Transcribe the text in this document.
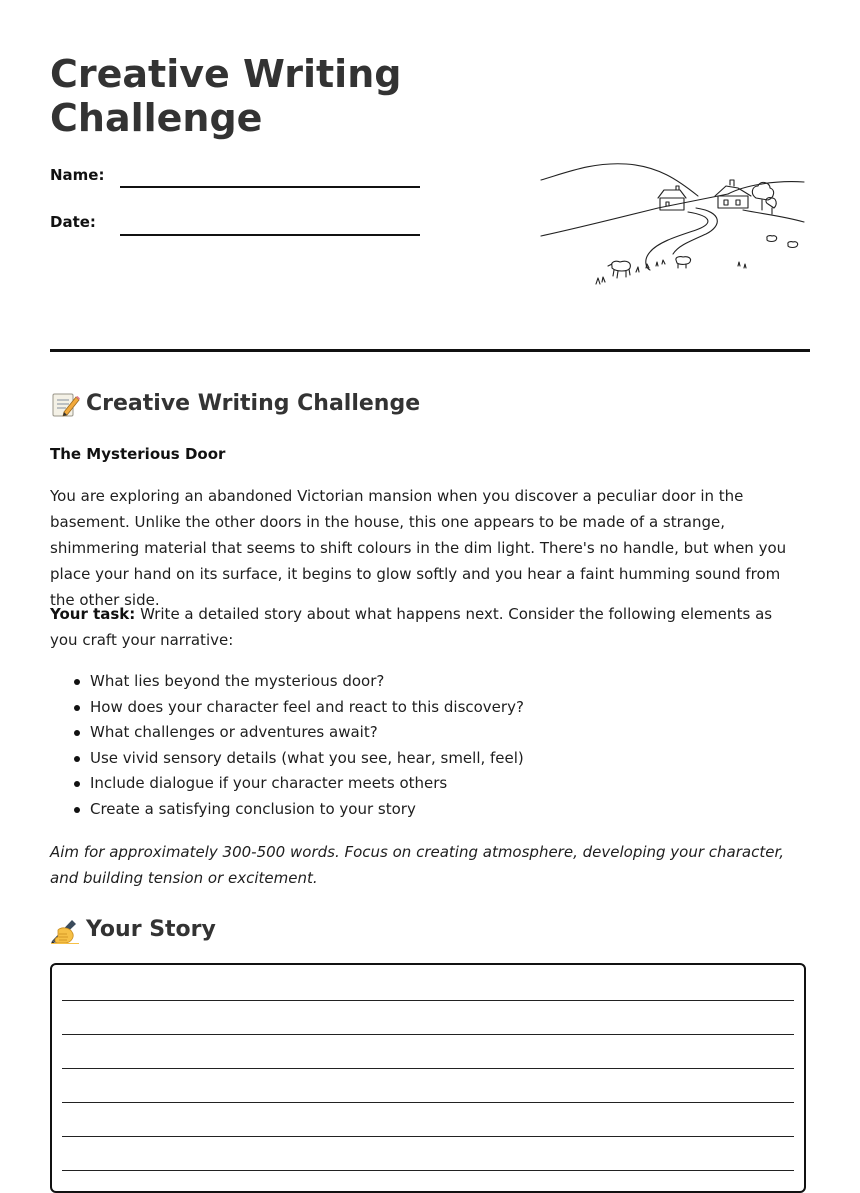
Creative Writing
Challenge
Name:
Date:
Creative Writing Challenge
The Mysterious Door

You are exploring an abandoned Victorian mansion when you discover a peculiar door in the basement. Unlike the other doors in the house, this one appears to be made of a strange, shimmering material that seems to shift colours in the dim light. There's no handle, but when you place your hand on its surface, it begins to glow softly and you hear a faint humming sound from the other side.

Your task: Write a detailed story about what happens next. Consider the following elements as you craft your narrative:

What lies beyond the mysterious door?
How does your character feel and react to this discovery?
What challenges or adventures await?
Use vivid sensory details (what you see, hear, smell, feel)
Include dialogue if your character meets others
Create a satisfying conclusion to your story

Aim for approximately 300-500 words. Focus on creating atmosphere, developing your character, and building tension or excitement.

Your Story
